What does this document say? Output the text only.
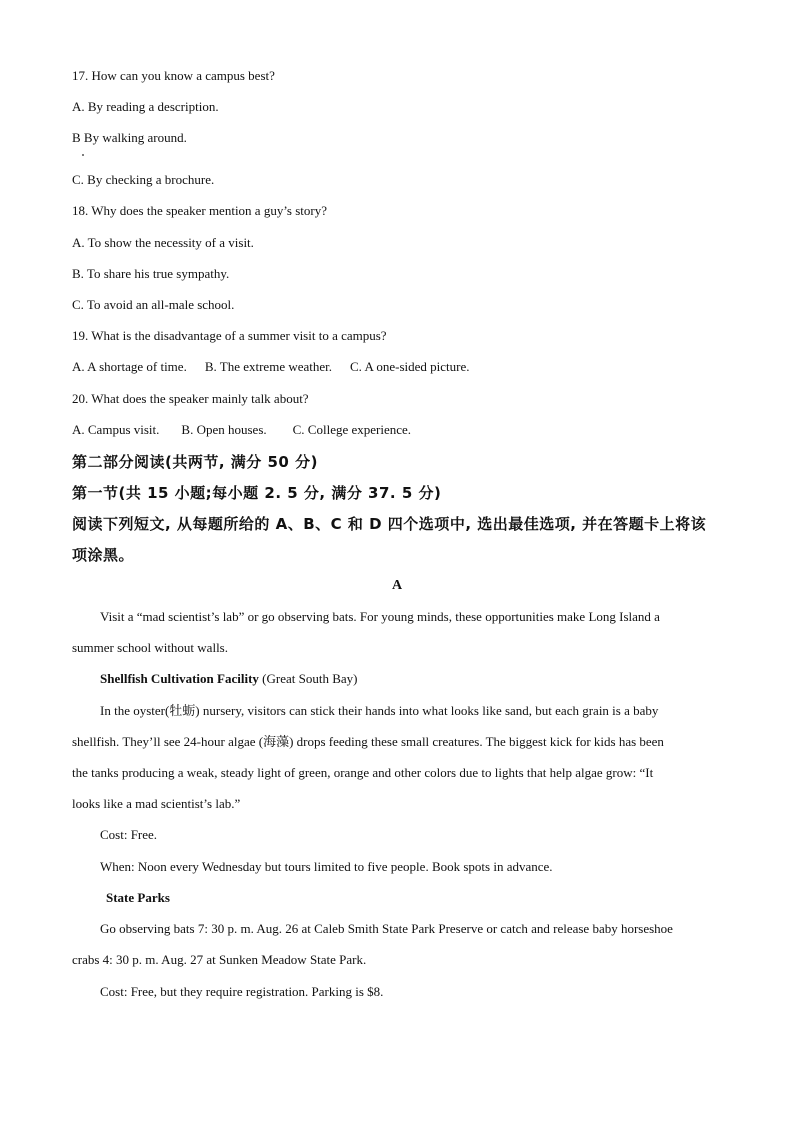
17. How can you know a campus best?
A. By reading a description.
B By walking around.
C. By checking a brochure.
18. Why does the speaker mention a guy’s story?
A. To show the necessity of a visit.
B. To share his true sympathy.
C. To avoid an all-male school.
19. What is the disadvantage of a summer visit to a campus?
A. A shortage of time. B. The extreme weather. C. A one-sided picture.
20. What does the speaker mainly talk about?
A. Campus visit. B. Open houses. C. College experience.
第二部分阅读(共两节, 满分 50 分)
第一节(共 15 小题;每小题 2. 5 分, 满分 37. 5 分)
阅读下列短文, 从每题所给的 A、B、C 和 D 四个选项中, 选出最佳选项, 并在答题卡上将该
项涂黑。
A
Visit a “mad scientist’s lab” or go observing bats. For young minds, these opportunities make Long Island a
summer school without walls.
Shellfish Cultivation Facility (Great South Bay)
In the oyster(牡蛎) nursery, visitors can stick their hands into what looks like sand, but each grain is a baby
shellfish. They’ll see 24-hour algae (海藻) drops feeding these small creatures. The biggest kick for kids has been
the tanks producing a weak, steady light of green, orange and other colors due to lights that help algae grow: “It
looks like a mad scientist’s lab.”
Cost: Free.
When: Noon every Wednesday but tours limited to five people. Book spots in advance.
State Parks
Go observing bats 7: 30 p. m. Aug. 26 at Caleb Smith State Park Preserve or catch and release baby horseshoe
crabs 4: 30 p. m. Aug. 27 at Sunken Meadow State Park.
Cost: Free, but they require registration. Parking is $8.
